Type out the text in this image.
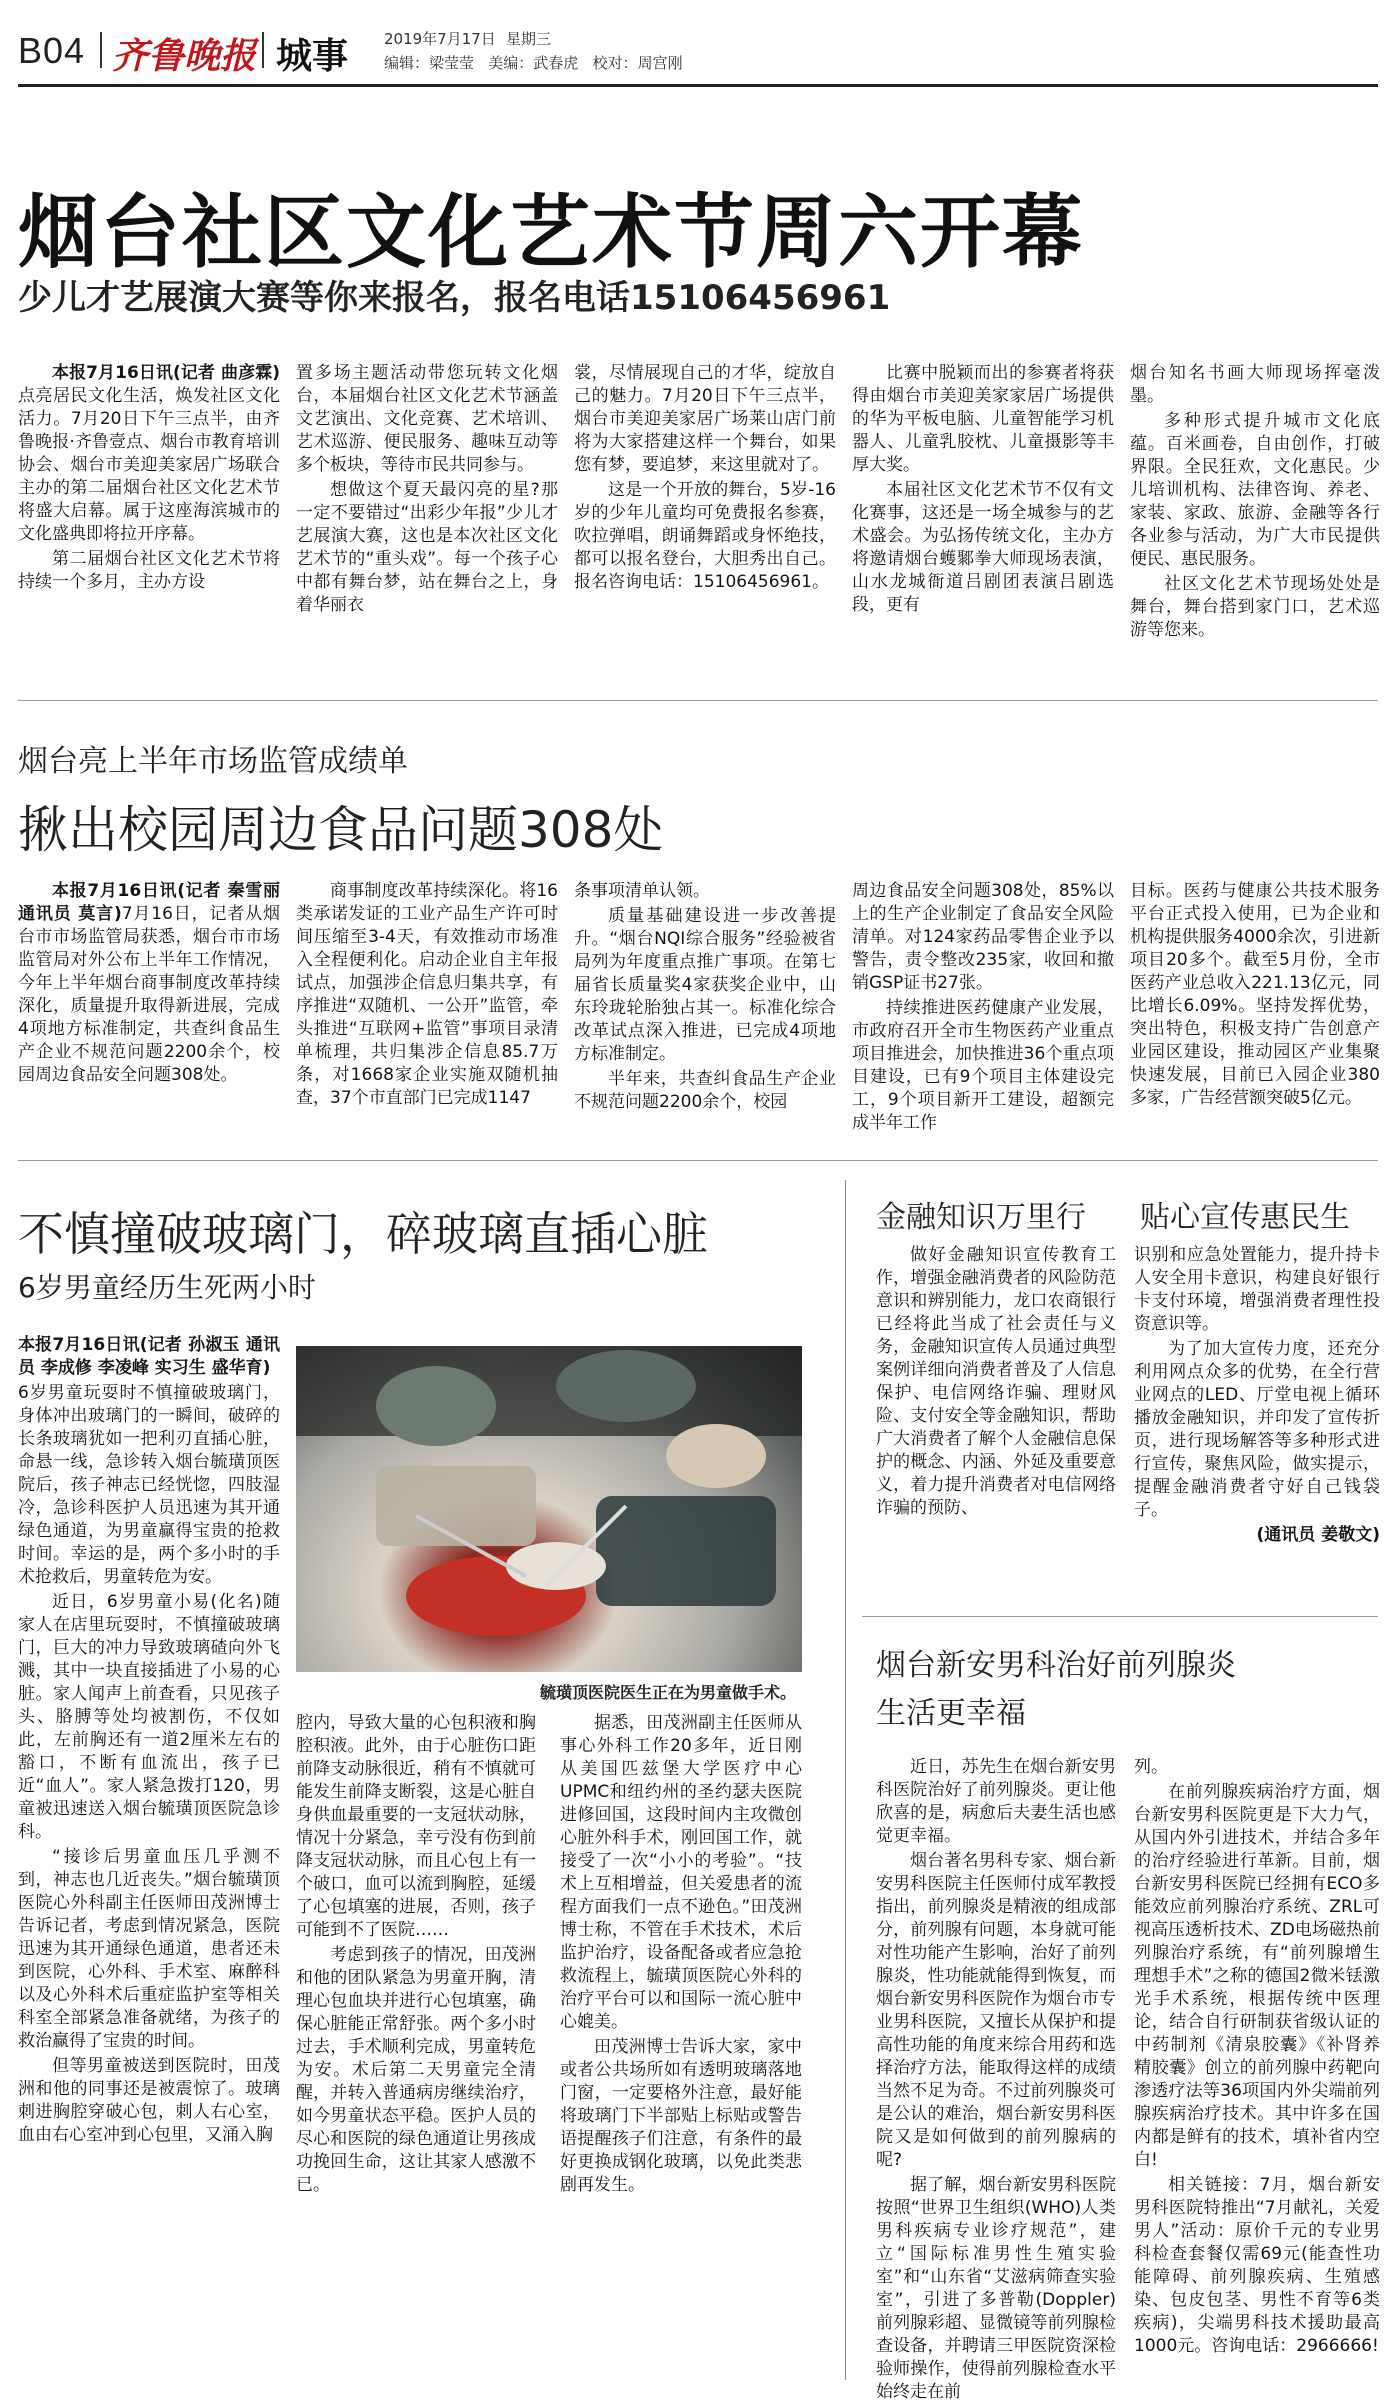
B04 齐鲁晚报 城事 2019年7月17日 星期三
编辑：梁莹莹   美编：武春虎   校对：周宫刚
烟台社区文化艺术节周六开幕
少儿才艺展演大赛等你来报名，报名电话15106456961

本报7月16日讯(记者 曲彦霖)点亮居民文化生活，焕发社区文化活力。7月20日下午三点半，由齐鲁晚报·齐鲁壹点、烟台市教育培训协会、烟台市美迎美家居广场联合主办的第二届烟台社区文化艺术节将盛大启幕。属于这座海滨城市的文化盛典即将拉开序幕。

第二届烟台社区文化艺术节将持续一个多月，主办方设

置多场主题活动带您玩转文化烟台，本届烟台社区文化艺术节涵盖文艺演出、文化竞赛、艺术培训、艺术巡游、便民服务、趣味互动等多个板块，等待市民共同参与。

想做这个夏天最闪亮的星?那一定不要错过“出彩少年报”少儿才艺展演大赛，这也是本次社区文化艺术节的“重头戏”。每一个孩子心中都有舞台梦，站在舞台之上，身着华丽衣

裳，尽情展现自己的才华，绽放自己的魅力。7月20日下午三点半，烟台市美迎美家居广场莱山店门前将为大家搭建这样一个舞台，如果您有梦，要追梦，来这里就对了。

这是一个开放的舞台，5岁-16岁的少年儿童均可免费报名参赛，吹拉弹唱，朗诵舞蹈或身怀绝技，都可以报名登台，大胆秀出自己。报名咨询电话：15106456961。

比赛中脱颖而出的参赛者将获得由烟台市美迎美家家居广场提供的华为平板电脑、儿童智能学习机器人、儿童乳胶枕、儿童摄影等丰厚大奖。

本届社区文化艺术节不仅有文化赛事，这还是一场全城参与的艺术盛会。为弘扬传统文化，主办方将邀请烟台蠖鄹拳大师现场表演，山水龙城衙道吕剧团表演吕剧选段，更有

烟台知名书画大师现场挥毫泼墨。

多种形式提升城市文化底蕴。百米画卷，自由创作，打破界限。全民狂欢，文化惠民。少儿培训机构、法律咨询、养老、家装、家政、旅游、金融等各行各业参与活动，为广大市民提供便民、惠民服务。

社区文化艺术节现场处处是舞台，舞台搭到家门口，艺术巡游等您来。

烟台亮上半年市场监管成绩单
揪出校园周边食品问题308处

本报7月16日讯(记者 秦雪丽 通讯员 莫言)7月16日，记者从烟台市市场监管局获悉，烟台市市场监管局对外公布上半年工作情况，今年上半年烟台商事制度改革持续深化，质量提升取得新进展，完成4项地方标准制定，共查纠食品生产企业不规范问题2200余个，校园周边食品安全问题308处。

商事制度改革持续深化。将16类承诺发证的工业产品生产许可时间压缩至3-4天，有效推动市场准入全程便利化。启动企业自主年报试点，加强涉企信息归集共享，有序推进“双随机、一公开”监管，牵头推进“互联网+监管”事项目录清单梳理，共归集涉企信息85.7万条，对1668家企业实施双随机抽查，37个市直部门已完成1147

条事项清单认领。

质量基础建设进一步改善提升。“烟台NQI综合服务”经验被省局列为年度重点推广事项。在第七届省长质量奖4家获奖企业中，山东玲珑轮胎独占其一。标准化综合改革试点深入推进，已完成4项地方标准制定。

半年来，共查纠食品生产企业不规范问题2200余个，校园

周边食品安全问题308处，85%以上的生产企业制定了食品安全风险清单。对124家药品零售企业予以警告，责令整改235家，收回和撤销GSP证书27张。

持续推进医药健康产业发展，市政府召开全市生物医药产业重点项目推进会，加快推进36个重点项目建设，已有9个项目主体建设完工，9个项目新开工建设，超额完成半年工作

目标。医药与健康公共技术服务平台正式投入使用，已为企业和机构提供服务4000余次，引进新项目20多个。截至5月份，全市医药产业总收入221.13亿元，同比增长6.09%。坚持发挥优势，突出特色，积极支持广告创意产业园区建设，推动园区产业集聚快速发展，目前已入园企业380多家，广告经营额突破5亿元。

不慎撞破玻璃门，碎玻璃直插心脏
6岁男童经历生死两小时

本报7月16日讯(记者 孙淑玉 通讯员 李成修 李凌峰 实习生 盛华育)

6岁男童玩耍时不慎撞破玻璃门，身体冲出玻璃门的一瞬间，破碎的长条玻璃犹如一把利刃直插心脏，命悬一线，急诊转入烟台毓璜顶医院后，孩子神志已经恍惚，四肢湿冷，急诊科医护人员迅速为其开通绿色通道，为男童赢得宝贵的抢救时间。幸运的是，两个多小时的手术抢救后，男童转危为安。

近日，6岁男童小易(化名)随家人在店里玩耍时，不慎撞破玻璃门，巨大的冲力导致玻璃碴向外飞溅，其中一块直接插进了小易的心脏。家人闻声上前查看，只见孩子头、胳膊等处均被割伤，不仅如此，左前胸还有一道2厘米左右的豁口，不断有血流出，孩子已近“血人”。家人紧急拨打120，男童被迅速送入烟台毓璜顶医院急诊科。

“接诊后男童血压几乎测不到，神志也几近丧失。”烟台毓璜顶医院心外科副主任医师田茂洲博士告诉记者，考虑到情况紧急，医院迅速为其开通绿色通道，患者还未到医院，心外科、手术室、麻醉科以及心外科术后重症监护室等相关科室全部紧急准备就绪，为孩子的救治赢得了宝贵的时间。

但等男童被送到医院时，田茂洲和他的同事还是被震惊了。玻璃刺进胸腔穿破心包，刺人右心室，血由右心室冲到心包里，又涌入胸

毓璜顶医院医生正在为男童做手术。

腔内，导致大量的心包积液和胸腔积液。此外，由于心脏伤口距前降支动脉很近，稍有不慎就可能发生前降支断裂，这是心脏自身供血最重要的一支冠状动脉，情况十分紧急，幸亏没有伤到前降支冠状动脉，而且心包上有一个破口，血可以流到胸腔，延缓了心包填塞的进展，否则，孩子可能到不了医院……

考虑到孩子的情况，田茂洲和他的团队紧急为男童开胸，清理心包血块并进行心包填塞，确保心脏能正常舒张。两个多小时过去，手术顺利完成，男童转危为安。术后第二天男童完全清醒，并转入普通病房继续治疗，如今男童状态平稳。医护人员的尽心和医院的绿色通道让男孩成功挽回生命，这让其家人感激不已。

据悉，田茂洲副主任医师从事心外科工作20多年，近日刚从美国匹兹堡大学医疗中心UPMC和纽约州的圣约瑟夫医院进修回国，这段时间内主攻微创心脏外科手术，刚回国工作，就接受了一次“小小的考验”。“技术上互相增益，但关爱患者的流程方面我们一点不逊色。”田茂洲博士称，不管在手术技术，术后监护治疗，设备配备或者应急抢救流程上，毓璜顶医院心外科的治疗平台可以和国际一流心脏中心媲美。

田茂洲博士告诉大家，家中或者公共场所如有透明玻璃落地门窗，一定要格外注意，最好能将玻璃门下半部贴上标贴或警告语提醒孩子们注意，有条件的最好更换成钢化玻璃，以免此类悲剧再发生。

金融知识万里行 贴心宣传惠民生

做好金融知识宣传教育工作，增强金融消费者的风险防范意识和辨别能力，龙口农商银行已经将此当成了社会责任与义务，金融知识宣传人员通过典型案例详细向消费者普及了人信息保护、电信网络诈骗、理财风险、支付安全等金融知识，帮助广大消费者了解个人金融信息保护的概念、内涵、外延及重要意义，着力提升消费者对电信网络诈骗的预防、

识别和应急处置能力，提升持卡人安全用卡意识，构建良好银行卡支付环境，增强消费者理性投资意识等。

为了加大宣传力度，还充分利用网点众多的优势，在全行营业网点的LED、厅堂电视上循环播放金融知识，并印发了宣传折页，进行现场解答等多种形式进行宣传，聚焦风险，做实提示，提醒金融消费者守好自己钱袋子。

(通讯员 姜敬文)

烟台新安男科治好前列腺炎
生活更幸福

近日，苏先生在烟台新安男科医院治好了前列腺炎。更让他欣喜的是，病愈后夫妻生活也感觉更幸福。

烟台著名男科专家、烟台新安男科医院主任医师付成军教授指出，前列腺炎是精液的组成部分，前列腺有问题，本身就可能对性功能产生影响，治好了前列腺炎，性功能就能得到恢复，而烟台新安男科医院作为烟台市专业男科医院，又擅长从保护和提高性功能的角度来综合用药和选择治疗方法，能取得这样的成绩当然不足为奇。不过前列腺炎可是公认的难治，烟台新安男科医院又是如何做到的前列腺病的呢?

据了解，烟台新安男科医院按照“世界卫生组织(WHO)人类男科疾病专业诊疗规范”，建立“国际标准男性生殖实验室”和“山东省“艾滋病筛查实验室”，引进了多普勒(Doppler)前列腺彩超、显微镜等前列腺检查设备，并聘请三甲医院资深检验师操作，使得前列腺检查水平始终走在前

列。

在前列腺疾病治疗方面，烟台新安男科医院更是下大力气，从国内外引进技术，并结合多年的治疗经验进行革新。目前，烟台新安男科医院已经拥有ECO多能效应前列腺治疗系统、ZRL可视高压透析技术、ZD电场磁热前列腺治疗系统，有“前列腺增生理想手术”之称的德国2微米铥激光手术系统，根据传统中医理论，结合自行研制获省级认证的中药制剂《清泉胶囊》《补肾养精胶囊》创立的前列腺中药靶向渗透疗法等36项国内外尖端前列腺疾病治疗技术。其中许多在国内都是鲜有的技术，填补省内空白!

相关链接：7月，烟台新安男科医院特推出“7月献礼，关爱男人”活动：原价千元的专业男科检查套餐仅需69元(能查性功能障碍、前列腺疾病、生殖感染、包皮包茎、男性不育等6类疾病)，尖端男科技术援助最高1000元。咨询电话：2966666!
